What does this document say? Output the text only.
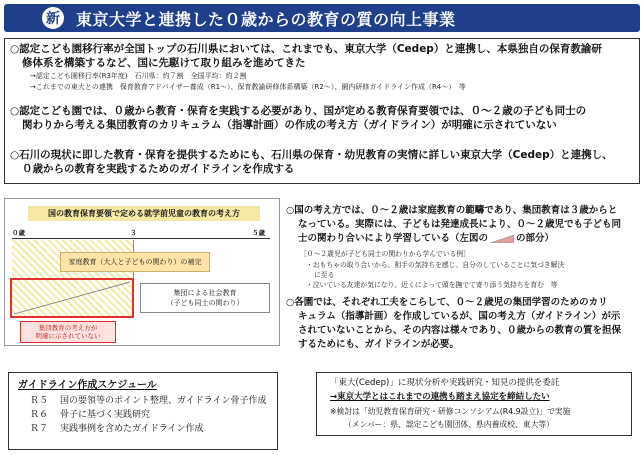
新	東京大学と連携した０歳からの教育の質の向上事業
○認定こども園移行率が全国トップの石川県においては、これまでも、東京大学（Cedep）と連携し、本県独自の保育教諭研
修体系を構築するなど、国に先駆けて取り組みを進めてきた
→認定こども園移行率(R3年度)　石川県：約７割　全国平均：約２割
→これまでの東大との連携　保育教育アドバイザー養成（R1～）、保育教諭研修体系構築（R2～）、園内研修ガイドライン作成（R4～）　等
○認定こども園では、０歳から教育・保育を実践する必要があり、国が定める教育保育要領では、０～２歳の子ども同士の
関わりから考える集団教育のカリキュラム（指導計画）の作成の考え方（ガイドライン）が明確に示されていない
○石川の現状に即した教育・保育を提供するためにも、石川県の保育・幼児教育の実情に詳しい東京大学（Cedep）と連携し、
０歳からの教育を実践するためのガイドラインを作成する
国の教育保育要領で定める就学前児童の教育の考え方
０歳	３	５歳
家庭教育（大人と子どもの関わり）の補完
集団による社会教育
（子ども同士の関わり）
集団教育の考え方が
明確に示されていない
○国の考え方では、０～２歳は家庭教育の範疇であり、集団教育は３歳からと
なっている。実際には、子どもは発達成長により、０～２歳児でも子ども同
士の関わり合いにより学習している（左図の	の部分）
［０～２歳児が子ども同士の関わりから学んでいる例］
・おもちゃの取り合いから、相手の気持ちを感じ、自分のしていることに気づき解決
に至る
・泣いている友達が気になり、近くによって頭を撫でて寄り添う気持ちを育む　等
○各園では、それぞれ工夫をこらして、０～２歳児の集団学習のためのカリ
キュラム（指導計画）を作成しているが、国の考え方（ガイドライン）が示
されていないことから、その内容は様々であり、０歳からの教育の質を担保
するためにも、ガイドラインが必要。
ガイドライン作成スケジュール
Ｒ５	国の要領等のポイント整理、ガイドライン骨子作成
Ｒ６	骨子に基づく実践研究
Ｒ７	実践事例を含めたガイドライン作成
「東大(Cedep)」に現状分析や実践研究・知見の提供を委託
→東京大学とはこれまでの連携も踏まえ協定を締結したい
※検討は「幼児教育保育研究・研修コンソシアム(R4.9設立)」で実施
（メンバー：県、認定こども園団体、県内養成校、東大等）
